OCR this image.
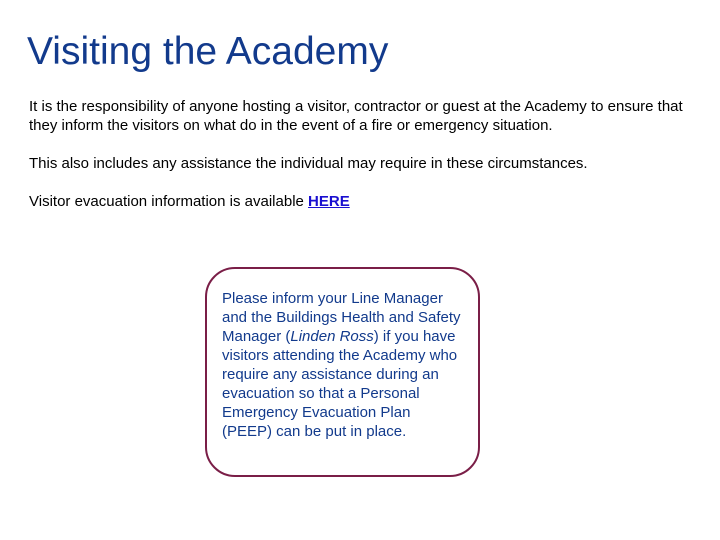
Visiting the Academy

It is the responsibility of anyone hosting a visitor, contractor or guest at the Academy to ensure that they inform the visitors on what do in the event of a fire or emergency situation.

This also includes any assistance the individual may require in these circumstances.

Visitor evacuation information is available HERE

Please inform your Line Manager and the Buildings Health and Safety Manager (Linden Ross) if you have visitors attending the Academy who require any assistance during an evacuation so that a Personal Emergency Evacuation Plan (PEEP) can be put in place.
